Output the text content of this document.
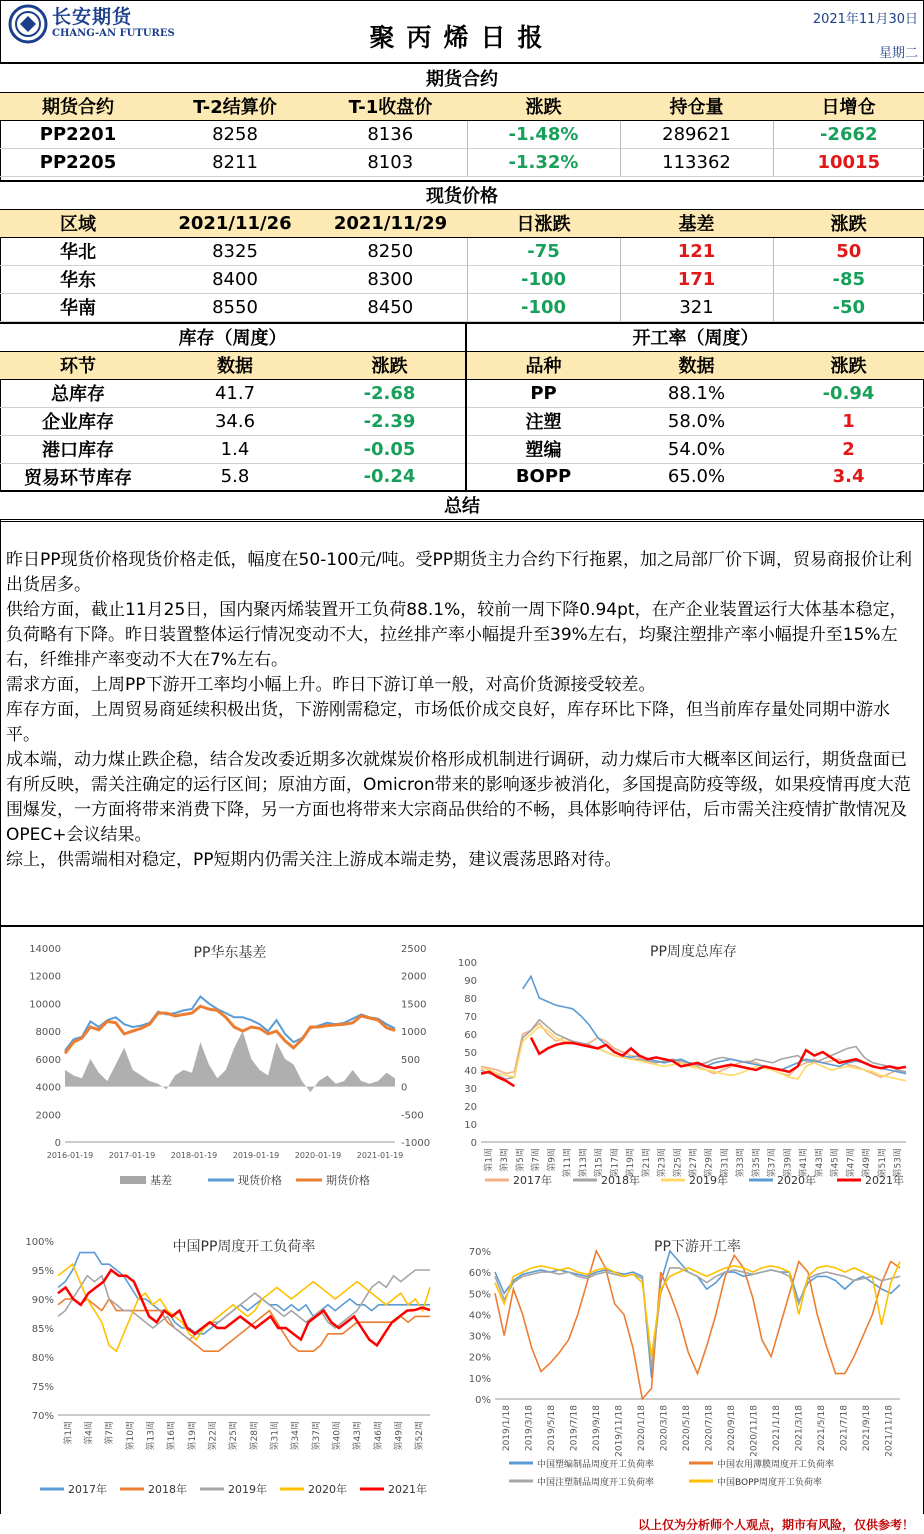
长安期货
CHANG-AN FUTURES	聚丙烯日报
2021年11月30日
星期二
期货合约					
期货合约	T-2结算价	T-1收盘价	涨跌	持仓量	日增仓
PP2201	8258	8136	-1.48%	289621	-2662
PP2205	8211	8103	-1.32%	113362	10015
现货价格					
区域	2021/11/26	2021/11/29	日涨跌	基差	涨跌
华北	8325	8250	-75	121	50
华东	8400	8300	-100	171	-85
华南	8550	8450	-100	321	-50
库存（周度）			开工率（周度）		
环节	数据	涨跌	品种	数据	涨跌
总库存	41.7	-2.68	PP	88.1%	-0.94
企业库存	34.6	-2.39	注塑	58.0%	1
港口库存	1.4	-0.05	塑编	54.0%	2
贸易环节库存	5.8	-0.24	BOPP	65.0%	3.4
总结					

昨日PP现货价格现货价格走低，幅度在50-100元/吨。受PP期货主力合约下行拖累，加之局部厂价下调，贸易商报价让利出货居多。

供给方面，截止11月25日，国内聚丙烯装置开工负荷88.1%，较前一周下降0.94pt，在产企业装置运行大体基本稳定，负荷略有下降。昨日装置整体运行情况变动不大，拉丝排产率小幅提升至39%左右，均聚注塑排产率小幅提升至15%左右，纤维排产率变动不大在7%左右。

需求方面，上周PP下游开工率均小幅上升。昨日下游订单一般，对高价货源接受较差。

库存方面，上周贸易商延续积极出货，下游刚需稳定，市场低价成交良好，库存环比下降，但当前库存量处同期中游水平。

成本端，动力煤止跌企稳，结合发改委近期多次就煤炭价格形成机制进行调研，动力煤后市大概率区间运行，期货盘面已有所反映，需关注确定的运行区间；原油方面，Omicron带来的影响逐步被消化，多国提高防疫等级，如果疫情再度大范围爆发，一方面将带来消费下降，另一方面也将带来大宗商品供给的不畅，具体影响待评估，后市需关注疫情扩散情况及OPEC+会议结果。

综上，供需端相对稳定，PP短期内仍需关注上游成本端走势，建议震荡思路对待。

PP华东基差
0
2000
4000
6000
8000
10000
12000
14000
-1000
-500
0
500
1000
1500
2000
2500
2016-01-19 2017-01-19 2018-01-19 2019-01-19 2020-01-19 2021-01-19
基差	现货价格	期货价格
PP周度总库存
0
10
20
30
40
50
60
70
80
90
100
第1周 第3周 第5周 第7周 第9周 第11周 第13周 第15周 第17周 第19周 第21周 第23周 第25周 第27周 第29周 第31周 第33周 第35周 第37周 第39周 第41周 第43周 第45周 第47周 第49周 第51周 第53周
2017年	2018年	2019年	2020年	2021年
中国PP周度开工负荷率
70%
75%
80%
85%
90%
95%
100%
第1周 第4周 第7周 第10周 第13周 第16周 第19周 第22周 第25周 第28周 第31周 第34周 第37周 第40周 第43周 第46周 第49周 第52周
2017年	2018年	2019年	2020年	2021年
PP下游开工率
0%
10%
20%
30%
40%
50%
60%
70%
2019/1/18 2019/3/18 2019/5/18 2019/7/18 2019/9/18 2019/11/18 2020/1/18 2020/3/18 2020/5/18 2020/7/18 2020/9/18 2020/11/18 2021/1/18 2021/3/18 2021/5/18 2021/7/18 2021/9/18 2021/11/18
中国塑编制品周度开工负荷率	中国农用薄膜周度开工负荷率
中国注塑制品周度开工负荷率	中国BOPP周度开工负荷率
以上仅为分析师个人观点，期市有风险，仅供参考！
